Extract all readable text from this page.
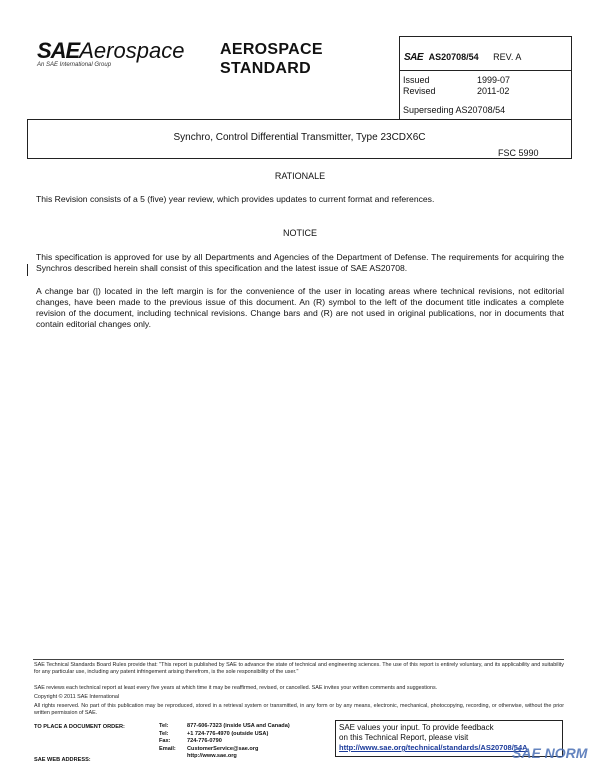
SAEAerospace
An SAE International Group
AEROSPACE
STANDARD
SAE AS20708/54 REV. A
Issued	1999-07
Revised	2011-02
Superseding AS20708/54
Synchro, Control Differential Transmitter, Type 23CDX6C
FSC 5990
RATIONALE
This Revision consists of a 5 (five) year review, which provides updates to current format and references.
NOTICE
This specification is approved for use by all Departments and Agencies of the Department of Defense. The requirements for acquiring the Synchros described herein shall consist of this specification and the latest issue of SAE AS20708.
A change bar (|) located in the left margin is for the convenience of the user in locating areas where technical revisions, not editorial changes, have been made to the previous issue of this document. An (R) symbol to the left of the document title indicates a complete revision of the document, including technical revisions. Change bars and (R) are not used in original publications, nor in documents that contain editorial changes only.
SAE Technical Standards Board Rules provide that: "This report is published by SAE to advance the state of technical and engineering sciences. The use of this report is entirely voluntary, and its applicability and suitability for any particular use, including any patent infringement arising therefrom, is the sole responsibility of the user."
SAE reviews each technical report at least every five years at which time it may be reaffirmed, revised, or cancelled. SAE invites your written comments and suggestions.
Copyright © 2011 SAE International
All rights reserved. No part of this publication may be reproduced, stored in a retrieval system or transmitted, in any form or by any means, electronic, mechanical, photocopying, recording, or otherwise, without the prior written permission of SAE.
TO PLACE A DOCUMENT ORDER:
SAE WEB ADDRESS:
Tel:	877-606-7323 (inside USA and Canada)
Tel:	+1 724-776-4970 (outside USA)
Fax:	724-776-0790
Email: CustomerService@sae.org
http://www.sae.org
SAE values your input. To provide feedback
on this Technical Report, please visit
http://www.sae.org/technical/standards/AS20708/54A
SAE NORM
